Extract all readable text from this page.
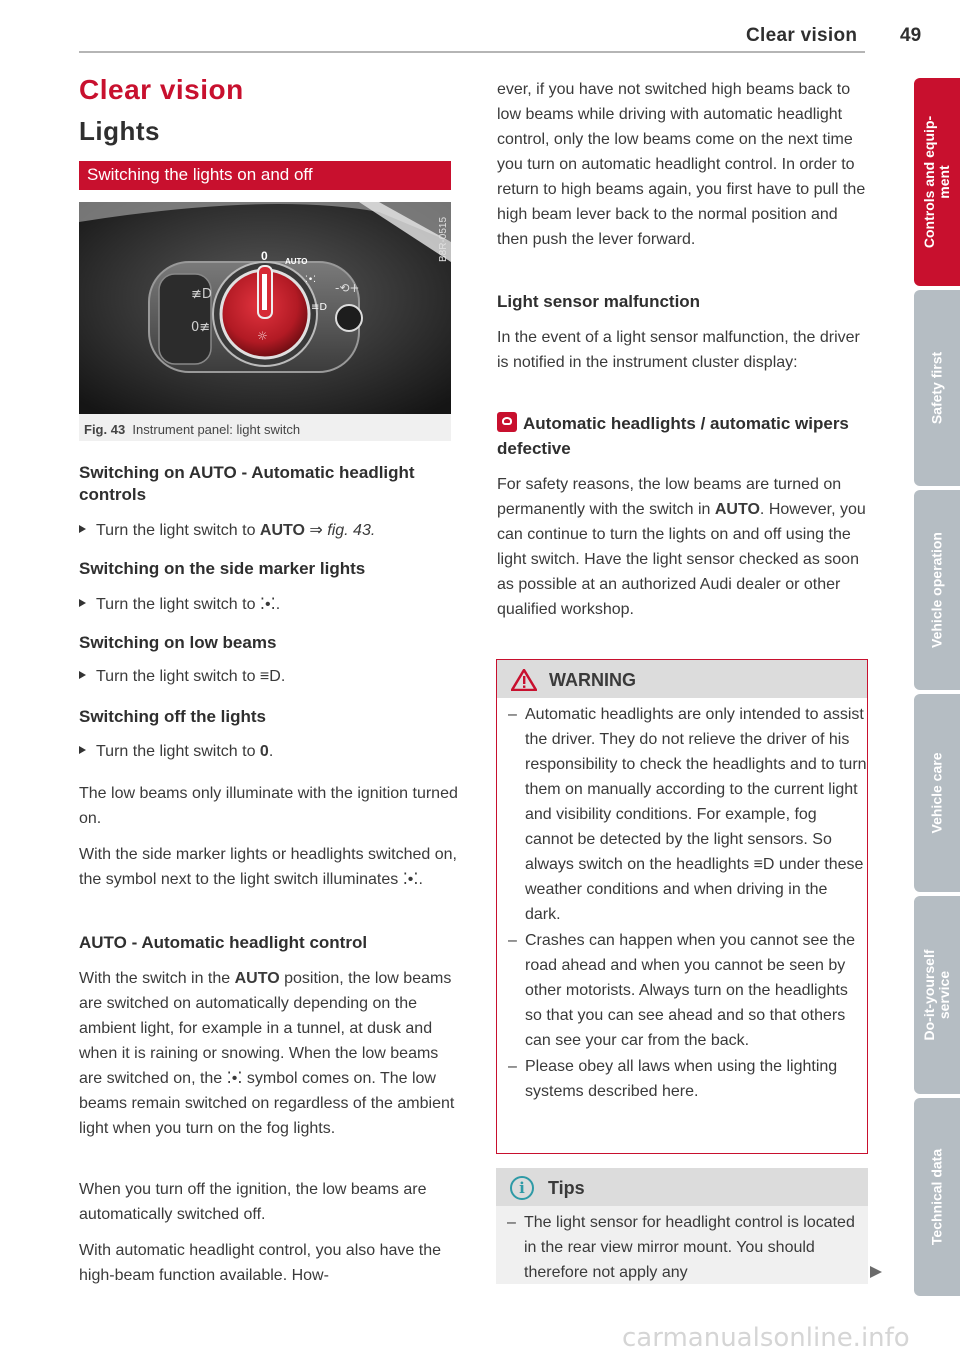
Clear vision 49
Clear vision
Lights
Switching the lights on and off
≢D
0≢
☼
0 AUTO
⁚•⁚
≡D
-⟲+
B8R-0515
Fig. 43 Instrument panel: light switch
Switching on AUTO - Automatic headlight controls
Turn the light switch to AUTO ⇒ fig. 43.
Switching on the side marker lights
Turn the light switch to ⁚•⁚.
Switching on low beams
Turn the light switch to ≡D.
Switching off the lights
Turn the light switch to 0.
The low beams only illuminate with the ignition turned on.
With the side marker lights or headlights switched on, the symbol next to the light switch illuminates ⁚•⁚.
AUTO - Automatic headlight control
With the switch in the AUTO position, the low beams are switched on automatically depending on the ambient light, for example in a tunnel, at dusk and when it is raining or snowing. When the low beams are switched on, the ⁚•⁚ symbol comes on. The low beams remain switched on regardless of the ambient light when you turn on the fog lights.
When you turn off the ignition, the low beams are automatically switched off.
With automatic headlight control, you also have the high-beam function available. How-
ever, if you have not switched high beams back to low beams while driving with automatic headlight control, only the low beams come on the next time you turn on automatic headlight control. In order to return to high beams again, you first have to pull the high beam lever back to the normal position and then push the lever forward.
Light sensor malfunction
In the event of a light sensor malfunction, the driver is notified in the instrument cluster display:
Automatic headlights / automatic wipers defective
For safety reasons, the low beams are turned on permanently with the switch in AUTO. However, you can continue to turn the lights on and off using the light switch. Have the light sensor checked as soon as possible at an authorized Audi dealer or other qualified workshop.
WARNING
– Automatic headlights are only intended to assist the driver. They do not relieve the driver of his responsibility to check the headlights and to turn them on manually according to the current light and visibility conditions. For example, fog cannot be detected by the light sensors. So always switch on the headlights ≡D under these weather conditions and when driving in the dark.
– Crashes can happen when you cannot see the road ahead and when you cannot be seen by other motorists. Always turn on the headlights so that you can see ahead and so that others can see your car from the back.
– Please obey all laws when using the lighting systems described here.
i	Tips
– The light sensor for headlight control is located in the rear view mirror mount. You should therefore not apply any
Controls and equip-
ment
Safety first
Vehicle operation
Vehicle care
Do-it-yourself
service
Technical data
carmanualsonline.info
